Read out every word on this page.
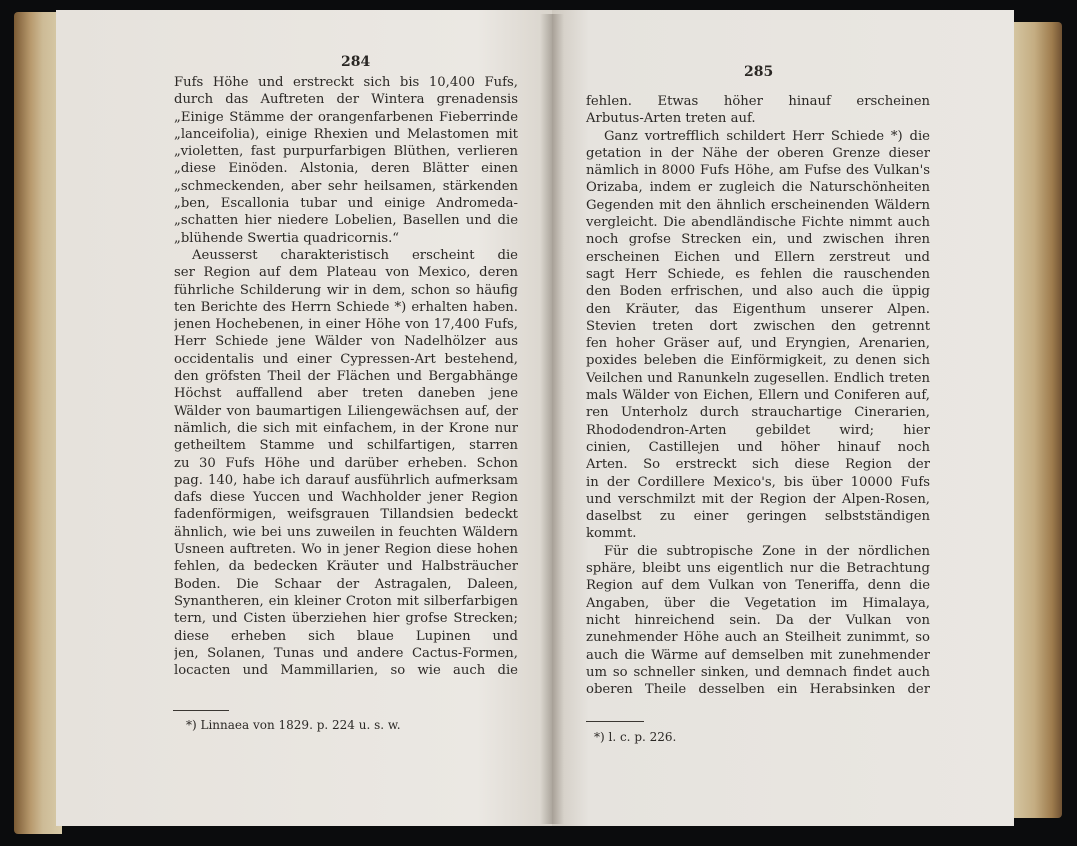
284
Fufs Höhe und erstreckt sich bis 10,400 Fufs,
durch das Auftreten der Wintera grenadensis
„Einige Stämme der orangenfarbenen Fieberrinde
„lanceifolia), einige Rhexien und Melastomen mit
„violetten, fast purpurfarbigen Blüthen, verlieren
„diese Einöden. Alstonia, deren Blätter einen
„schmeckenden, aber sehr heilsamen, stärkenden
„ben, Escallonia tubar und einige Andromeda-
„schatten hier niedere Lobelien, Basellen und die
„blühende Swertia quadricornis.“
Aeusserst charakteristisch erscheint die
ser Region auf dem Plateau von Mexico, deren
führliche Schilderung wir in dem, schon so häufig
ten Berichte des Herrn Schiede *) erhalten haben.
jenen Hochebenen, in einer Höhe von 17,400 Fufs,
Herr Schiede jene Wälder von Nadelhölzer aus
occidentalis und einer Cypressen-Art bestehend,
den gröfsten Theil der Flächen und Bergabhänge
Höchst auffallend aber treten daneben jene
Wälder von baumartigen Liliengewächsen auf, der
nämlich, die sich mit einfachem, in der Krone nur
getheiltem Stamme und schilfartigen, starren
zu 30 Fufs Höhe und darüber erheben. Schon
pag. 140, habe ich darauf ausführlich aufmerksam
dafs diese Yuccen und Wachholder jener Region
fadenförmigen, weifsgrauen Tillandsien bedeckt
ähnlich, wie bei uns zuweilen in feuchten Wäldern
Usneen auftreten. Wo in jener Region diese hohen
fehlen, da bedecken Kräuter und Halbsträucher
Boden. Die Schaar der Astragalen, Daleen,
Synantheren, ein kleiner Croton mit silberfarbigen
tern, und Cisten überziehen hier grofse Strecken;
diese erheben sich blaue Lupinen und
jen, Solanen, Tunas und andere Cactus-Formen,
locacten und Mammillarien, so wie auch die
*) Linnaea von 1829. p. 224 u. s. w.
285
fehlen. Etwas höher hinauf erscheinen
Arbutus-Arten treten auf.
Ganz vortrefflich schildert Herr Schiede *) die
getation in der Nähe der oberen Grenze dieser
nämlich in 8000 Fufs Höhe, am Fufse des Vulkan's
Orizaba, indem er zugleich die Naturschönheiten
Gegenden mit den ähnlich erscheinenden Wäldern
vergleicht. Die abendländische Fichte nimmt auch
noch grofse Strecken ein, und zwischen ihren
erscheinen Eichen und Ellern zerstreut und
sagt Herr Schiede, es fehlen die rauschenden
den Boden erfrischen, und also auch die üppig
den Kräuter, das Eigenthum unserer Alpen.
Stevien treten dort zwischen den getrennt
fen hoher Gräser auf, und Eryngien, Arenarien,
poxides beleben die Einförmigkeit, zu denen sich
Veilchen und Ranunkeln zugesellen. Endlich treten
mals Wälder von Eichen, Ellern und Coniferen auf,
ren Unterholz durch strauchartige Cinerarien,
Rhododendron-Arten gebildet wird; hier
cinien, Castillejen und höher hinauf noch
Arten. So erstreckt sich diese Region der
in der Cordillere Mexico's, bis über 10000 Fufs
und verschmilzt mit der Region der Alpen-Rosen,
daselbst zu einer geringen selbstständigen
kommt.
Für die subtropische Zone in der nördlichen
sphäre, bleibt uns eigentlich nur die Betrachtung
Region auf dem Vulkan von Teneriffa, denn die
Angaben, über die Vegetation im Himalaya,
nicht hinreichend sein. Da der Vulkan von
zunehmender Höhe auch an Steilheit zunimmt, so
auch die Wärme auf demselben mit zunehmender
um so schneller sinken, und demnach findet auch
oberen Theile desselben ein Herabsinken der
*) l. c. p. 226.
